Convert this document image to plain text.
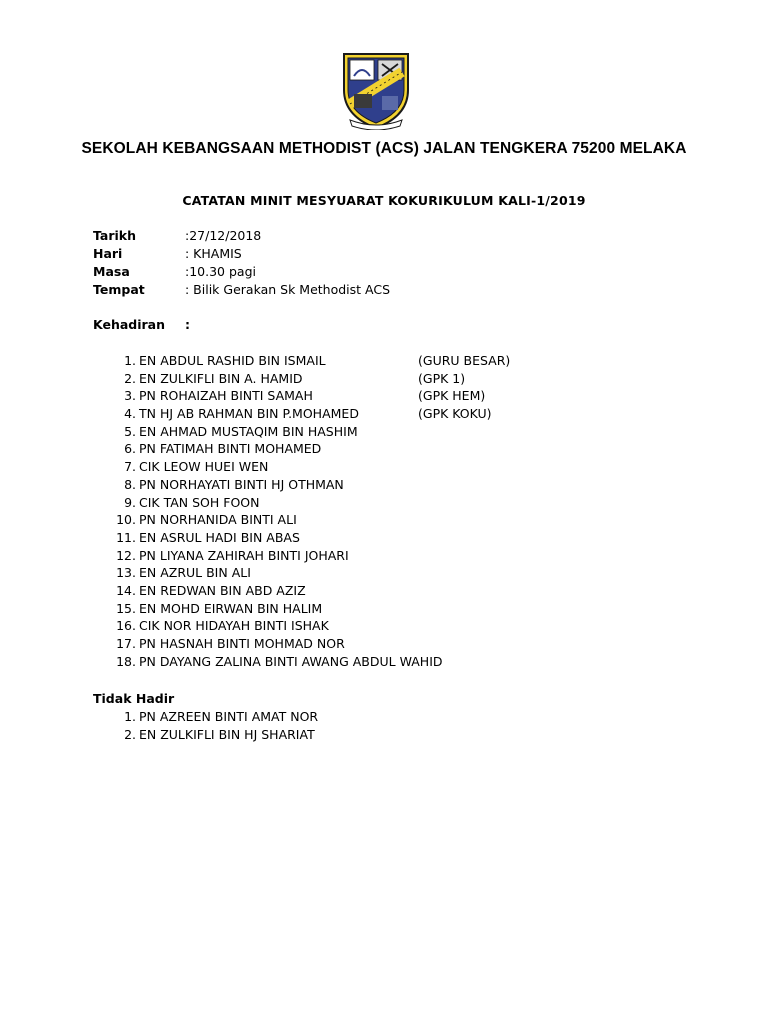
SEKOLAH KEBANGSAAN METHODIST (ACS) JALAN TENGKERA 75200 MELAKA
CATATAN MINIT MESYUARAT KOKURIKULUM KALI-1/2019
Tarikh	:27/12/2018
Hari	: KHAMIS
Masa	:10.30 pagi
Tempat	: Bilik Gerakan Sk Methodist ACS
Kehadiran :
1. EN ABDUL RASHID BIN ISMAIL	(GURU BESAR)
2. EN ZULKIFLI BIN A. HAMID	(GPK 1)
3. PN ROHAIZAH BINTI SAMAH	(GPK HEM)
4. TN HJ AB RAHMAN BIN P.MOHAMED	(GPK KOKU)
5. EN AHMAD MUSTAQIM BIN HASHIM
6. PN FATIMAH BINTI MOHAMED
7. CIK LEOW HUEI WEN
8. PN NORHAYATI BINTI HJ OTHMAN
9. CIK TAN SOH FOON
10. PN NORHANIDA BINTI ALI
11. EN ASRUL HADI BIN ABAS
12. PN LIYANA ZAHIRAH BINTI JOHARI
13. EN AZRUL BIN ALI
14. EN REDWAN BIN ABD AZIZ
15. EN MOHD EIRWAN BIN HALIM
16. CIK NOR HIDAYAH BINTI ISHAK
17. PN HASNAH BINTI MOHMAD NOR
18. PN DAYANG ZALINA BINTI AWANG ABDUL WAHID
Tidak Hadir
1. PN AZREEN BINTI AMAT NOR
2. EN ZULKIFLI BIN HJ SHARIAT
